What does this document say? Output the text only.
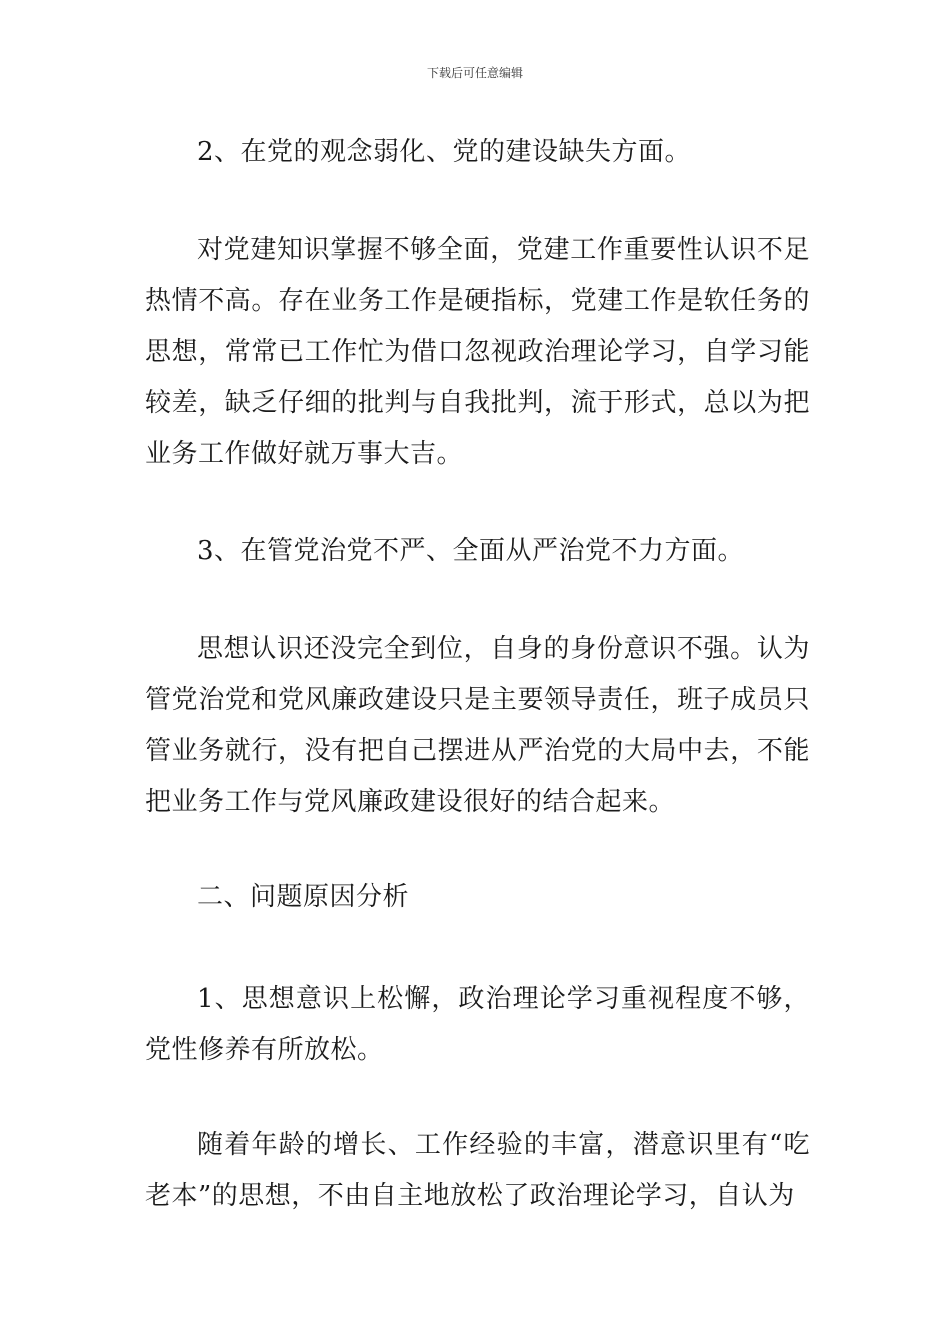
下载后可任意编辑

2、在党的观念弱化、党的建设缺失方面。

对党建知识掌握不够全面，党建工作重要性认识不足热情不高。存在业务工作是硬指标，党建工作是软任务的思想，常常已工作忙为借口忽视政治理论学习，自学习能较差，缺乏仔细的批判与自我批判，流于形式，总以为把业务工作做好就万事大吉。

3、在管党治党不严、全面从严治党不力方面。

思想认识还没完全到位，自身的身份意识不强。认为管党治党和党风廉政建设只是主要领导责任，班子成员只管业务就行，没有把自己摆进从严治党的大局中去，不能把业务工作与党风廉政建设很好的结合起来。

二、问题原因分析

1、思想意识上松懈，政治理论学习重视程度不够，党性修养有所放松。

随着年龄的增长、工作经验的丰富，潜意识里有“吃老本”的思想，不由自主地放松了政治理论学习，自认为
